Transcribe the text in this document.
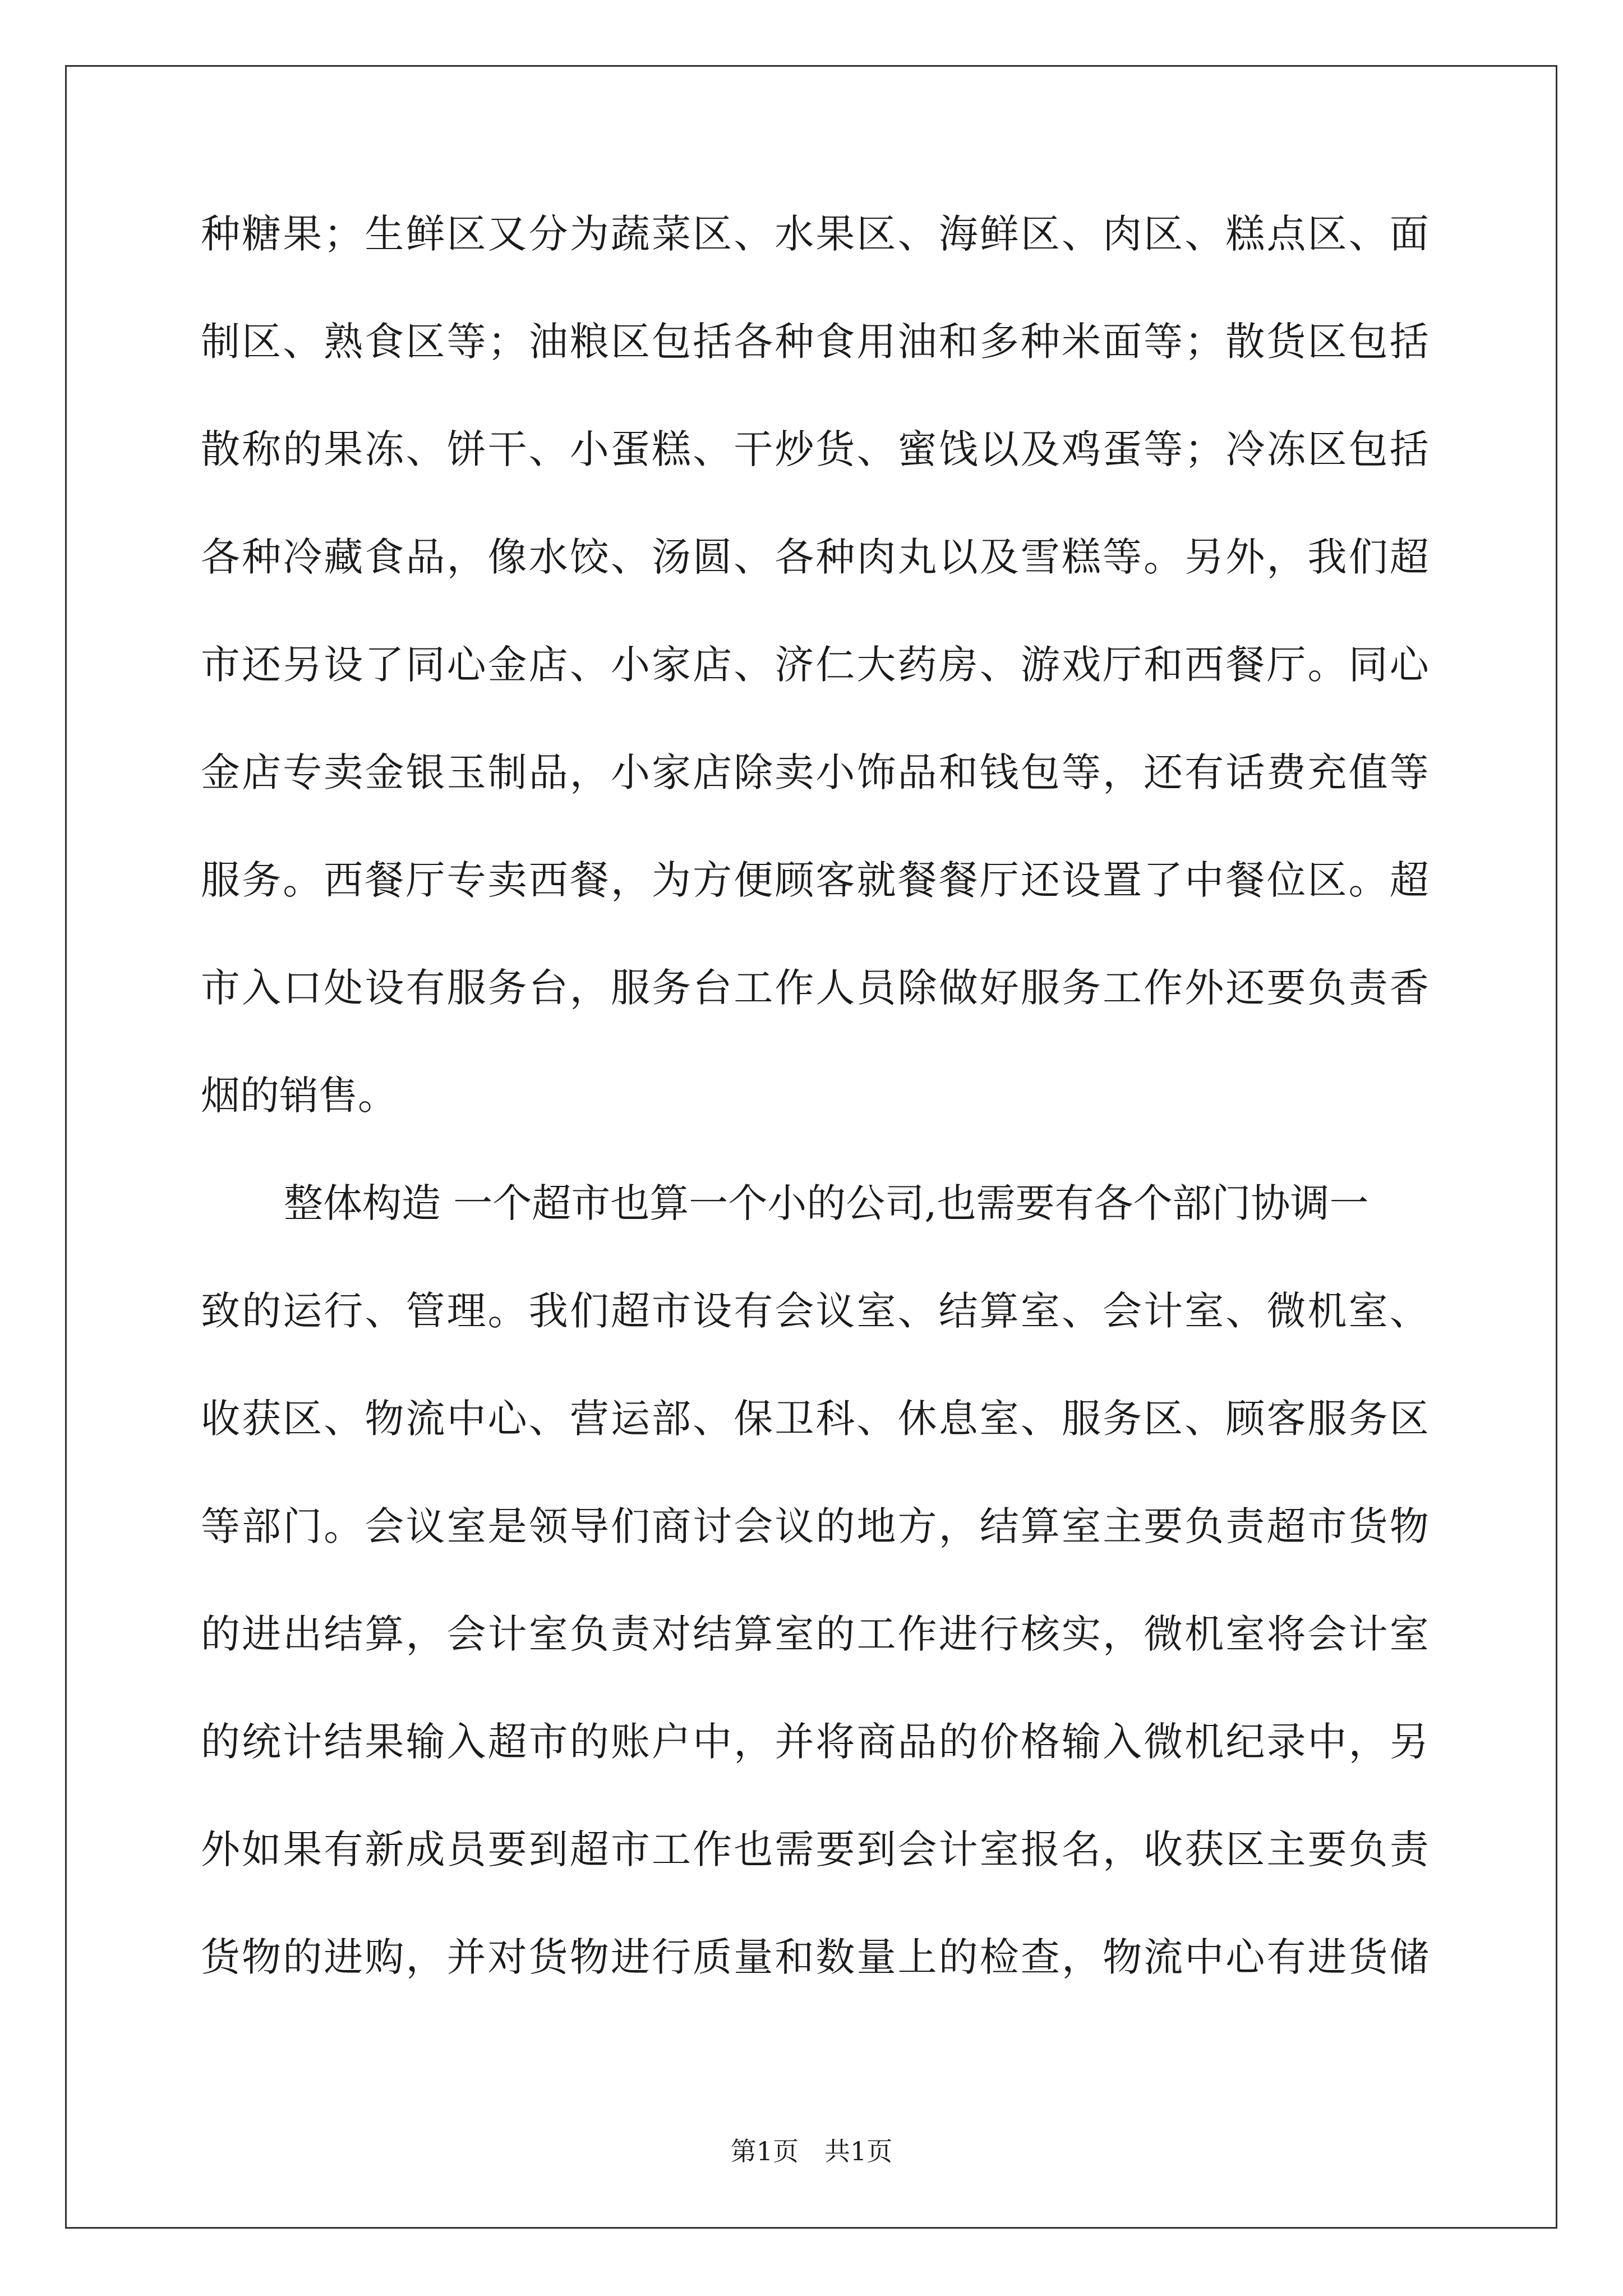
种 糖 果 ； 生 鲜 区 又 分 为 蔬 菜 区 、 水 果 区 、 海 鲜 区 、 肉 区 、 糕 点 区 、 面
制 区 、 熟 食 区 等 ； 油 粮 区 包 括 各 种 食 用 油 和 多 种 米 面 等 ； 散 货 区 包 括
散 称 的 果 冻 、 饼 干 、 小 蛋 糕 、 干 炒 货 、 蜜 饯 以 及 鸡 蛋 等 ； 冷 冻 区 包 括
各 种 冷 藏 食 品 ， 像 水 饺 、 汤 圆 、 各 种 肉 丸 以 及 雪 糕 等 。 另 外 ， 我 们 超
市 还 另 设 了 同 心 金 店 、 小 家 店 、 济 仁 大 药 房 、 游 戏 厅 和 西 餐 厅 。 同 心
金 店 专 卖 金 银 玉 制 品 ， 小 家 店 除 卖 小 饰 品 和 钱 包 等 ， 还 有 话 费 充 值 等
服 务 。 西 餐 厅 专 卖 西 餐 ， 为 方 便 顾 客 就 餐 餐 厅 还 设 置 了 中 餐 位 区 。 超
市 入 口 处 设 有 服 务 台 ， 服 务 台 工 作 人 员 除 做 好 服 务 工 作 外 还 要 负 责 香
烟的销售。
整体构造 一个超市也算一个小的公司,也需要有各个部门协调一
致 的 运 行 、 管 理 。 我 们 超 市 设 有 会 议 室 、 结 算 室 、 会 计 室 、 微 机 室 、
收 获 区 、 物 流 中 心 、 营 运 部 、 保 卫 科 、 休 息 室 、 服 务 区 、 顾 客 服 务 区
等 部 门 。 会 议 室 是 领 导 们 商 讨 会 议 的 地 方 ， 结 算 室 主 要 负 责 超 市 货 物
的 进 出 结 算 ， 会 计 室 负 责 对 结 算 室 的 工 作 进 行 核 实 ， 微 机 室 将 会 计 室
的 统 计 结 果 输 入 超 市 的 账 户 中 ， 并 将 商 品 的 价 格 输 入 微 机 纪 录 中 ， 另
外 如 果 有 新 成 员 要 到 超 市 工 作 也 需 要 到 会 计 室 报 名 ， 收 获 区 主 要 负 责
货 物 的 进 购 ， 并 对 货 物 进 行 质 量 和 数 量 上 的 检 查 ， 物 流 中 心 有 进 货 储
第1页　共1页
